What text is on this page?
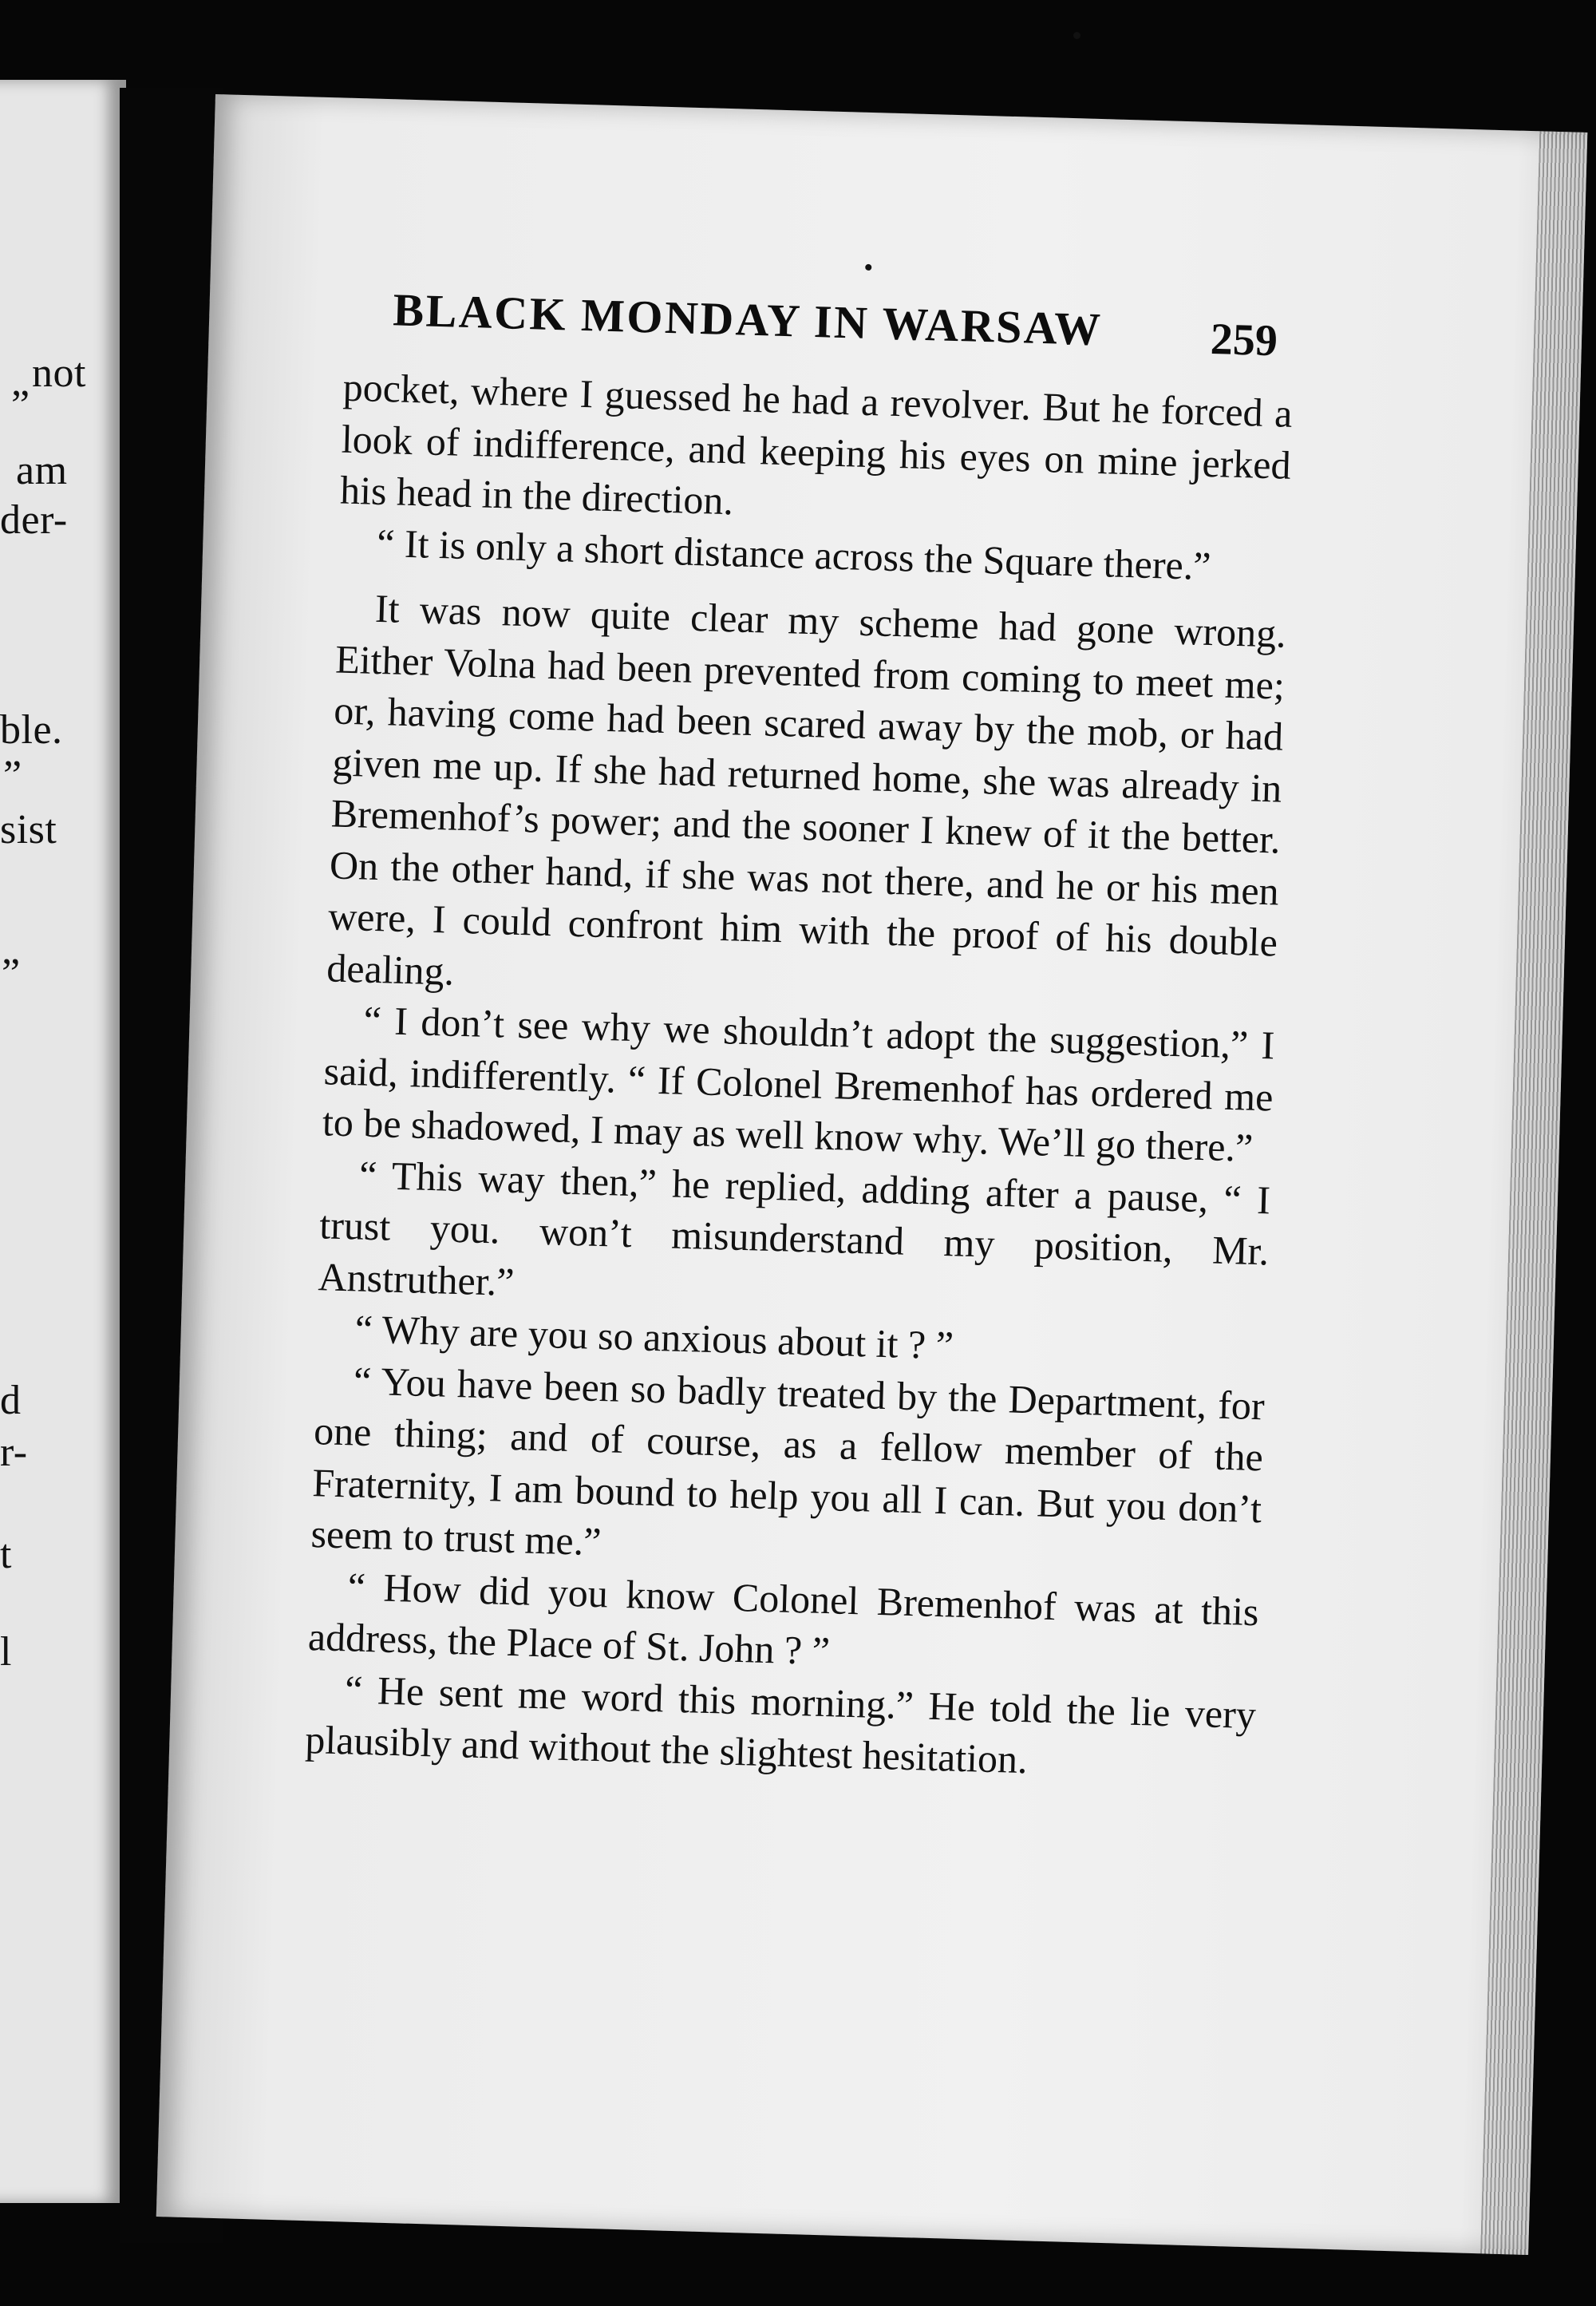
not
”
am
der-
ble.
”
sist
”
d
r-
t
l
BLACK MONDAY IN WARSAW 259

pocket, where I guessed he had a revolver. But he forced a look of indifference, and keeping his eyes on mine jerked his head in the direction.

“ It is only a short distance across the Square there.”

It was now quite clear my scheme had gone wrong. Either Volna had been prevented from coming to meet me; or, having come had been scared away by the mob, or had given me up. If she had returned home, she was already in Bremenhof’s power; and the sooner I knew of it the better. On the other hand, if she was not there, and he or his men were, I could confront him with the proof of his double dealing.

“ I don’t see why we shouldn’t adopt the suggestion,” I said, indifferently. “ If Colonel Bremenhof has ordered me to be shadowed, I may as well know why. We’ll go there.”

“ This way then,” he replied, adding after a pause, “ I trust you. won’t misunderstand my position, Mr. Anstruther.”

“ Why are you so anxious about it ? ”

“ You have been so badly treated by the Department, for one thing; and of course, as a fellow member of the Fraternity, I am bound to help you all I can. But you don’t seem to trust me.”

“ How did you know Colonel Bremenhof was at this address, the Place of St. John ? ”

“ He sent me word this morning.” He told the lie very plausibly and without the slightest hesitation.
